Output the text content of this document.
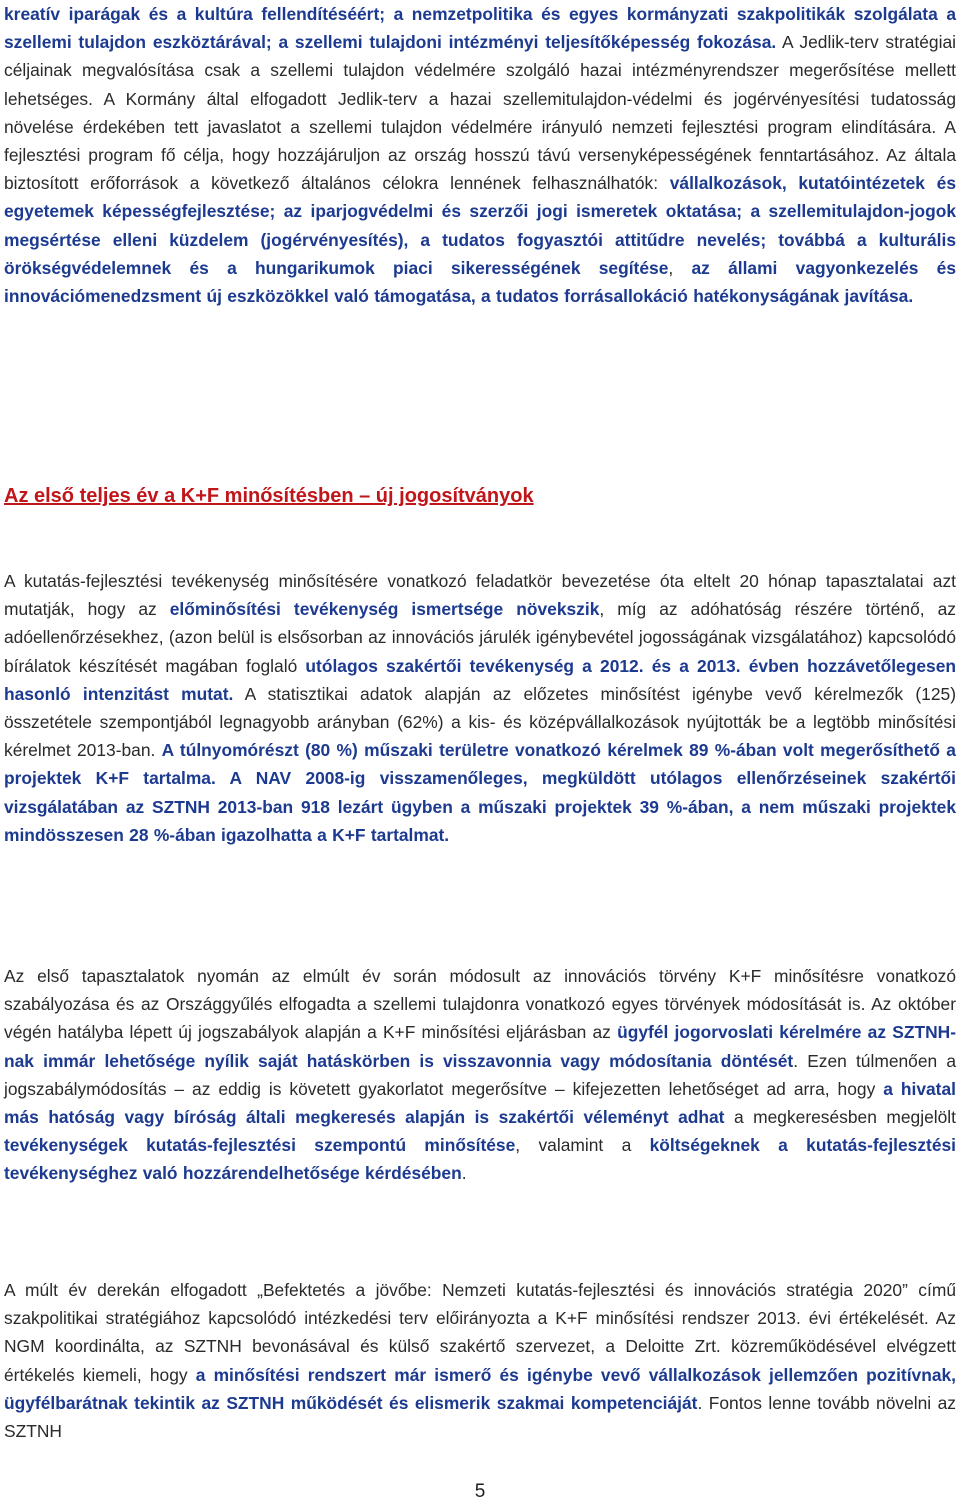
kreatív iparágak és a kultúra fellendítéséért; a nemzetpolitika és egyes kormányzati szakpolitikák szolgálata a szellemi tulajdon eszköztárával; a szellemi tulajdoni intézményi teljesítőképesség fokozása. A Jedlik-terv stratégiai céljainak megvalósítása csak a szellemi tulajdon védelmére szolgáló hazai intézményrendszer megerősítése mellett lehetséges. A Kormány által elfogadott Jedlik-terv a hazai szellemitulajdon-védelmi és jogérvényesítési tudatosság növelése érdekében tett javaslatot a szellemi tulajdon védelmére irányuló nemzeti fejlesztési program elindítására. A fejlesztési program fő célja, hogy hozzájáruljon az ország hosszú távú versenyképességének fenntartásához. Az általa biztosított erőforrások a következő általános célokra lennének felhasználhatók: vállalkozások, kutatóintézetek és egyetemek képességfejlesztése; az iparjogvédelmi és szerzői jogi ismeretek oktatása; a szellemitulajdon-jogok megsértése elleni küzdelem (jogérvényesítés), a tudatos fogyasztói attitűdre nevelés; továbbá a kulturális örökségvédelemnek és a hungarikumok piaci sikerességének segítése, az állami vagyonkezelés és innovációmenedzsment új eszközökkel való támogatása, a tudatos forrásallokáció hatékonyságának javítása.

Az első teljes év a K+F minősítésben – új jogosítványok

A kutatás-fejlesztési tevékenység minősítésére vonatkozó feladatkör bevezetése óta eltelt 20 hónap tapasztalatai azt mutatják, hogy az előminősítési tevékenység ismertsége növekszik, míg az adóhatóság részére történő, az adóellenőrzésekhez, (azon belül is elsősorban az innovációs járulék igénybevétel jogosságának vizsgálatához) kapcsolódó bírálatok készítését magában foglaló utólagos szakértői tevékenység a 2012. és a 2013. évben hozzávetőlegesen hasonló intenzitást mutat. A statisztikai adatok alapján az előzetes minősítést igénybe vevő kérelmezők (125) összetétele szempontjából legnagyobb arányban (62%) a kis- és középvállalkozások nyújtották be a legtöbb minősítési kérelmet 2013-ban. A túlnyomórészt (80 %) műszaki területre vonatkozó kérelmek 89 %-ában volt megerősíthető a projektek K+F tartalma. A NAV 2008-ig visszamenőleges, megküldött utólagos ellenőrzéseinek szakértői vizsgálatában az SZTNH 2013-ban 918 lezárt ügyben a műszaki projektek 39 %-ában, a nem műszaki projektek mindösszesen 28 %-ában igazolhatta a K+F tartalmat.

Az első tapasztalatok nyomán az elmúlt év során módosult az innovációs törvény K+F minősítésre vonatkozó szabályozása és az Országgyűlés elfogadta a szellemi tulajdonra vonatkozó egyes törvények módosítását is. Az október végén hatályba lépett új jogszabályok alapján a K+F minősítési eljárásban az ügyfél jogorvoslati kérelmére az SZTNH-nak immár lehetősége nyílik saját hatáskörben is visszavonnia vagy módosítania döntését. Ezen túlmenően a jogszabálymódosítás – az eddig is követett gyakorlatot megerősítve – kifejezetten lehetőséget ad arra, hogy a hivatal más hatóság vagy bíróság általi megkeresés alapján is szakértői véleményt adhat a megkeresésben megjelölt tevékenységek kutatás-fejlesztési szempontú minősítése, valamint a költségeknek a kutatás-fejlesztési tevékenységhez való hozzárendelhetősége kérdésében.

A múlt év derekán elfogadott „Befektetés a jövőbe: Nemzeti kutatás-fejlesztési és innovációs stratégia 2020” című szakpolitikai stratégiához kapcsolódó intézkedési terv előirányozta a K+F minősítési rendszer 2013. évi értékelését. Az NGM koordinálta, az SZTNH bevonásával és külső szakértő szervezet, a Deloitte Zrt. közreműködésével elvégzett értékelés kiemeli, hogy a minősítési rendszert már ismerő és igénybe vevő vállalkozások jellemzően pozitívnak, ügyfélbarátnak tekintik az SZTNH működését és elismerik szakmai kompetenciáját. Fontos lenne tovább növelni az SZTNH

5
